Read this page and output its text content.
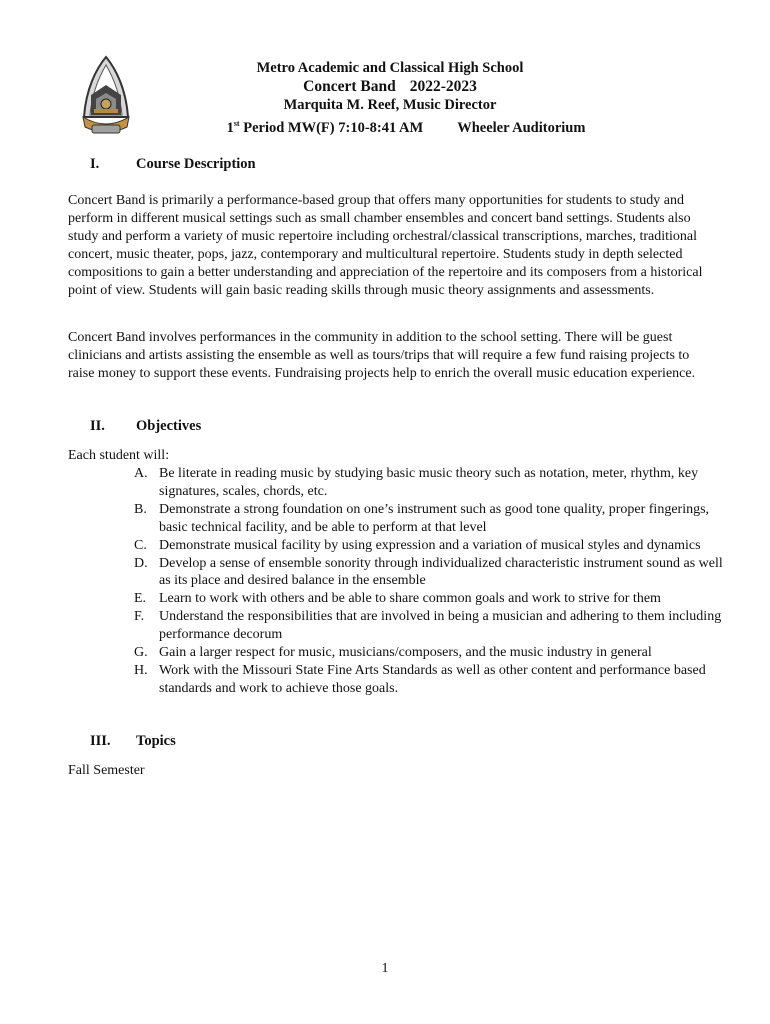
Metro Academic and Classical High School
Concert Band 2022-2023
Marquita M. Reef, Music Director
1st Period MW(F) 7:10-8:41 AM Wheeler Auditorium
I.	Course Description
Concert Band is primarily a performance-based group that offers many opportunities for students to study and perform in different musical settings such as small chamber ensembles and concert band settings. Students also study and perform a variety of music repertoire including orchestral/classical transcriptions, marches, traditional concert, music theater, pops, jazz, contemporary and multicultural repertoire. Students study in depth selected compositions to gain a better understanding and appreciation of the repertoire and its composers from a historical point of view. Students will gain basic reading skills through music theory assignments and assessments.
Concert Band involves performances in the community in addition to the school setting. There will be guest clinicians and artists assisting the ensemble as well as tours/trips that will require a few fund raising projects to raise money to support these events. Fundraising projects help to enrich the overall music education experience.
II. Objectives
Each student will:
A. Be literate in reading music by studying basic music theory such as notation, meter, rhythm, key signatures, scales, chords, etc.
B. Demonstrate a strong foundation on one’s instrument such as good tone quality, proper fingerings, basic technical facility, and be able to perform at that level
C. Demonstrate musical facility by using expression and a variation of musical styles and dynamics
D. Develop a sense of ensemble sonority through individualized characteristic instrument sound as well as its place and desired balance in the ensemble
E. Learn to work with others and be able to share common goals and work to strive for them
F.	Understand the responsibilities that are involved in being a musician and adhering to them including performance decorum
G. Gain a larger respect for music, musicians/composers, and the music industry in general
H. Work with the Missouri State Fine Arts Standards as well as other content and performance based standards and work to achieve those goals.
III. Topics
Fall Semester
1
